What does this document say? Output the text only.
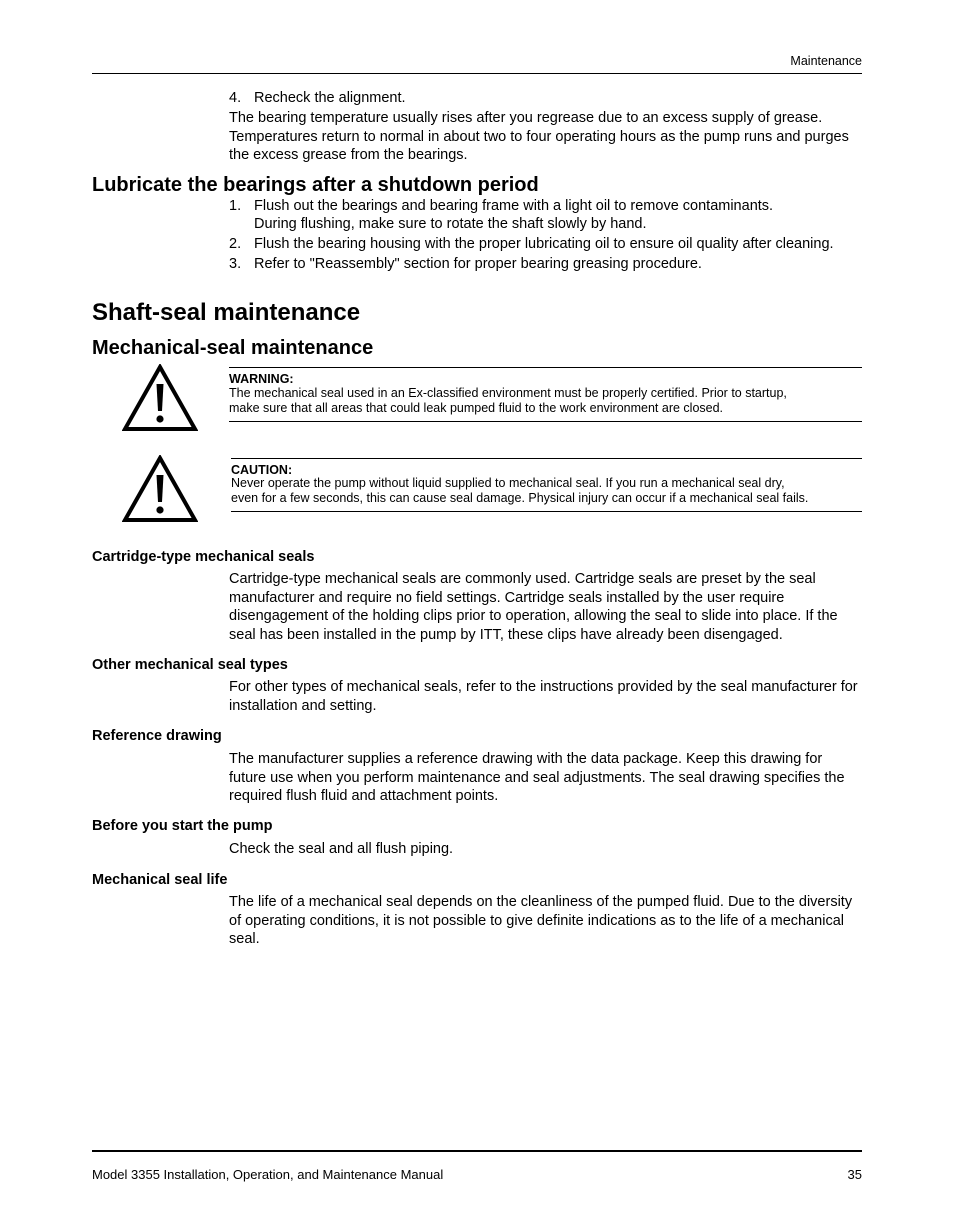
Maintenance
4. Recheck the alignment.
The bearing temperature usually rises after you regrease due to an excess supply of grease. Temperatures return to normal in about two to four operating hours as the pump runs and purges the excess grease from the bearings.
Lubricate the bearings after a shutdown period
1. Flush out the bearings and bearing frame with a light oil to remove contaminants.
During flushing, make sure to rotate the shaft slowly by hand.
2. Flush the bearing housing with the proper lubricating oil to ensure oil quality after cleaning.
3. Refer to "Reassembly" section for proper bearing greasing procedure.
Shaft-seal maintenance
Mechanical-seal maintenance
WARNING:
The mechanical seal used in an Ex-classified environment must be properly certified. Prior to startup,
make sure that all areas that could leak pumped fluid to the work environment are closed.
CAUTION:
Never operate the pump without liquid supplied to mechanical seal. If you run a mechanical seal dry,
even for a few seconds, this can cause seal damage. Physical injury can occur if a mechanical seal fails.
Cartridge-type mechanical seals
Cartridge-type mechanical seals are commonly used. Cartridge seals are preset by the seal manufacturer and require no field settings. Cartridge seals installed by the user require disengagement of the holding clips prior to operation, allowing the seal to slide into place. If the seal has been installed in the pump by ITT, these clips have already been disengaged.
Other mechanical seal types
For other types of mechanical seals, refer to the instructions provided by the seal manufacturer for installation and setting.
Reference drawing
The manufacturer supplies a reference drawing with the data package. Keep this drawing for future use when you perform maintenance and seal adjustments. The seal drawing specifies the required flush fluid and attachment points.
Before you start the pump
Check the seal and all flush piping.
Mechanical seal life
The life of a mechanical seal depends on the cleanliness of the pumped fluid. Due to the diversity of operating conditions, it is not possible to give definite indications as to the life of a mechanical seal.
Model 3355 Installation, Operation, and Maintenance Manual	35
